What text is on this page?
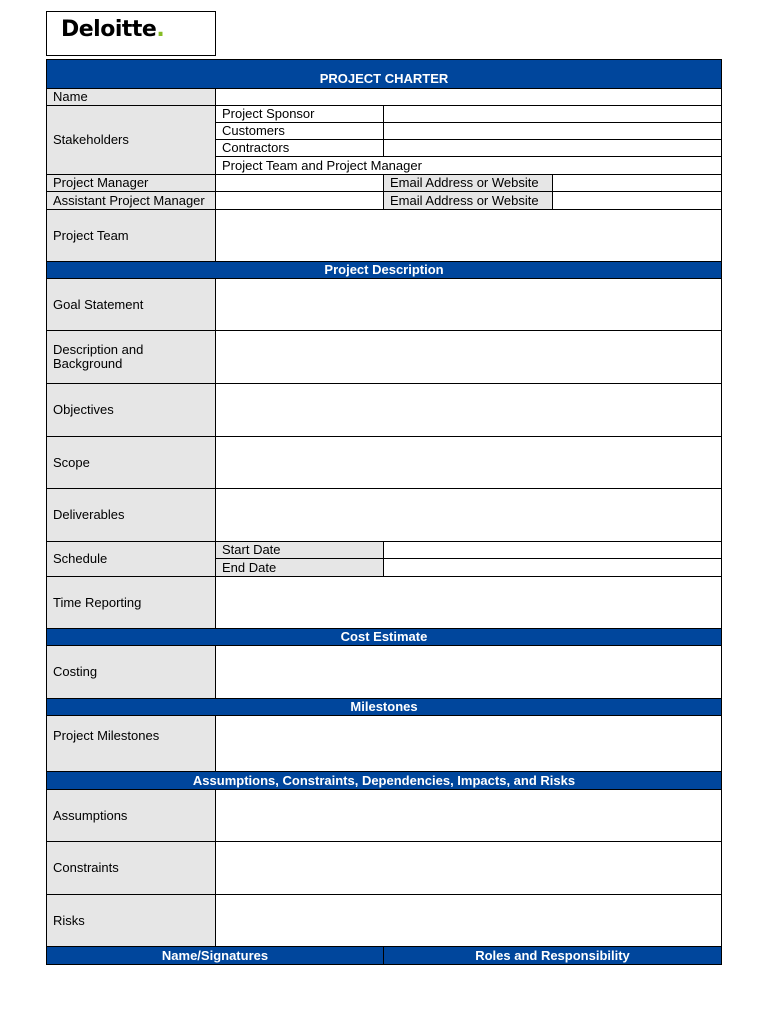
Deloitte.
PROJECT CHARTER			
Name			
Stakeholders	Project Sponsor		
	Customers		
	Contractors		
	Project Team and Project Manager		
Project Manager		Email Address or Website	
Assistant Project Manager		Email Address or Website	
Project Team			
Project Description			
Goal Statement			
Description and Background			
Objectives			
Scope			
Deliverables			
Schedule	Start Date		
	End Date		
Time Reporting			
Cost Estimate			
Costing			
Milestones			
Project Milestones			
Assumptions, Constraints, Dependencies, Impacts, and Risks			
Assumptions			
Constraints			
Risks			
Name/Signatures		Roles and Responsibility	
